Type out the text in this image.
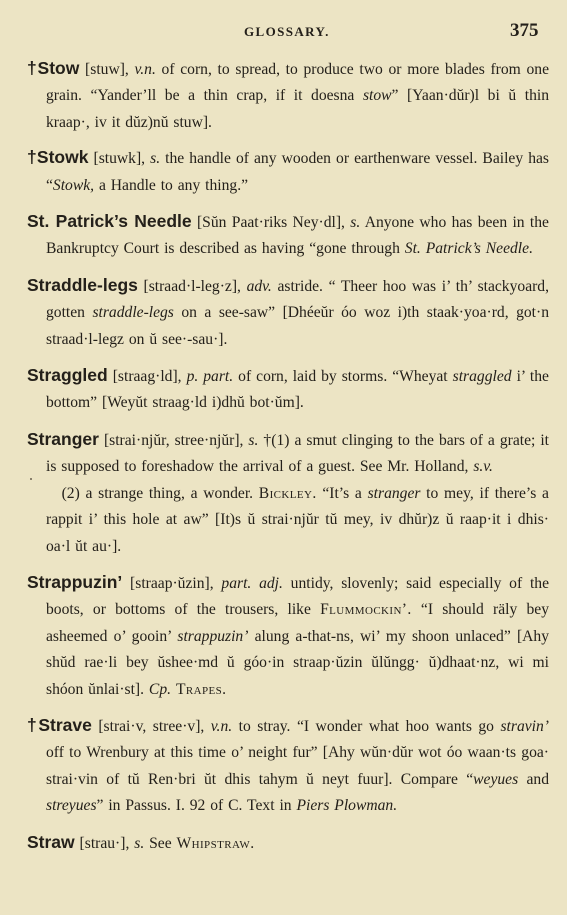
GLOSSARY.	375

†Stow [stuw], v.n. of corn, to spread, to produce two or more blades from one grain. “Yander’ll be a thin crap, if it doesna stow” [Yaan·dŭr)l bi ŭ thin kraap·, iv it dŭz)nŭ stuw].

†Stowk [stuwk], s. the handle of any wooden or earthenware vessel. Bailey has “Stowk, a Handle to any thing.”

St. Patrick’s Needle [Sŭn Paat·riks Ney·dl], s. Anyone who has been in the Bankruptcy Court is described as having “gone through St. Patrick’s Needle.

Straddle-legs [straad·l-leg·z], adv. astride. “ Theer hoo was i’ th’ stackyoard, gotten straddle-legs on a see-saw” [Dhéeŭr óo woz i)th staak·yoa·rd, got·n straad·l-legz on ŭ see·-sau·].

Straggled [straag·ld], p. part. of corn, laid by storms. “Wheyat straggled i’ the bottom” [Weyŭt straag·ld i)dhŭ bot·ŭm].

Stranger [strai·njŭr, stree·njŭr], s. †(1) a smut clinging to the bars of a grate; it is supposed to foreshadow the arrival of a guest. See Mr. Holland, s.v.
 (2) a strange thing, a wonder. Bickley. “It’s a stranger to mey, if there’s a rappit i’ this hole at aw” [It)s ŭ strai·njŭr tŭ mey, iv dhŭr)z ŭ raap·it i dhis· oa·l ŭt au·].

Strappuzin’ [straap·ŭzin], part. adj. untidy, slovenly; said especially of the boots, or bottoms of the trousers, like Flummockin’. “I should räly bey asheemed o’ gooin’ strappuzin’ alung a-that-ns, wi’ my shoon unlaced” [Ahy shŭd rae·li bey ŭshee·md ŭ góo·in straap·ŭzin ŭlŭngg· ŭ)dhaat·nz, wi mi shóon ŭnlai·st]. Cp. Trapes.

†Strave [strai·v, stree·v], v.n. to stray. “I wonder what hoo wants go stravin’ off to Wrenbury at this time o’ neight fur” [Ahy wŭn·dŭr wot óo waan·ts goa· strai·vin of tŭ Ren·bri ŭt dhis tahym ŭ neyt fuur]. Compare “weyues and streyues” in Passus. I. 92 of C. Text in Piers Plowman.

Straw [strau·], s. See Whipstraw.
